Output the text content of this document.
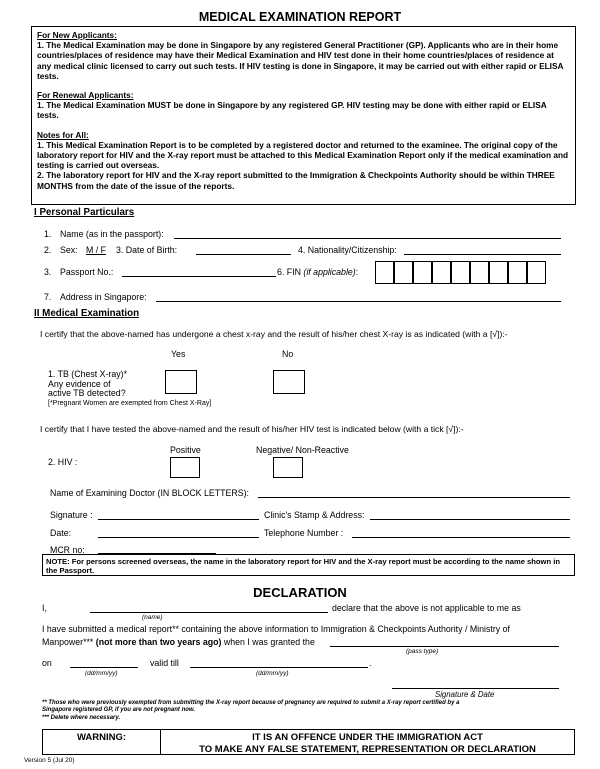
MEDICAL EXAMINATION REPORT

For New Applicants:

1. The Medical Examination may be done in Singapore by any registered General Practitioner (GP). Applicants who are in their home countries/places of residence may have their Medical Examination and HIV test done in their home countries/places of residence at any medical clinic licensed to carry out such tests. If HIV testing is done in Singapore, it may be carried out with either rapid or ELISA tests.

For Renewal Applicants:

1. The Medical Examination MUST be done in Singapore by any registered GP. HIV testing may be done with either rapid or ELISA tests.

Notes for All:

1. This Medical Examination Report is to be completed by a registered doctor and returned to the examinee. The original copy of the laboratory report for HIV and the X-ray report must be attached to this Medical Examination Report only if the medical examination and testing is carried out overseas.

2. The laboratory report for HIV and the X-ray report submitted to the Immigration & Checkpoints Authority should be within THREE MONTHS from the date of the issue of the reports.

I Personal Particulars
1. Name (as in the passport):
2. Sex: M / F 3. Date of Birth:	4. Nationality/Citizenship:
3. Passport No.:	6. FIN (if applicable):
7. Address in Singapore:
II Medical Examination
I certify that the above-named has undergone a chest x-ray and the result of his/her chest X-ray is as indicated (with a [√]):-
Yes	No
1. TB (Chest X-ray)*
Any evidence of
active TB detected?
[*Pregnant Women are exempted from Chest X-Ray]
I certify that I have tested the above-named and the result of his/her HIV test is indicated below (with a tick [√]):-
Positive	Negative/ Non-Reactive
2. HIV :
Name of Examining Doctor (IN BLOCK LETTERS):
Signature :	Clinic's Stamp & Address:
Date:	Telephone Number :
MCR no:
NOTE: For persons screened overseas, the name in the laboratory report for HIV and the X-ray report must be according to the name shown in the Passport.
DECLARATION
I,	declare that the above is not applicable to me as
(name)
I have submitted a medical report** containing the above information to Immigration & Checkpoints Authority / Ministry of
Manpower*** (not more than two years ago) when I was granted the
(pass type)
on	valid till	.
(dd/mm/yy)	(dd/mm/yy)
Signature & Date
** Those who were previously exempted from submitting the X-ray report because of pregnancy are required to submit a X-ray report certified by a
Singapore registered GP, if you are not pregnant now.
*** Delete where necessary.
WARNING:	IT IS AN OFFENCE UNDER THE IMMIGRATION ACT
TO MAKE ANY FALSE STATEMENT, REPRESENTATION OR DECLARATION
Version 5 (Jul 20)
